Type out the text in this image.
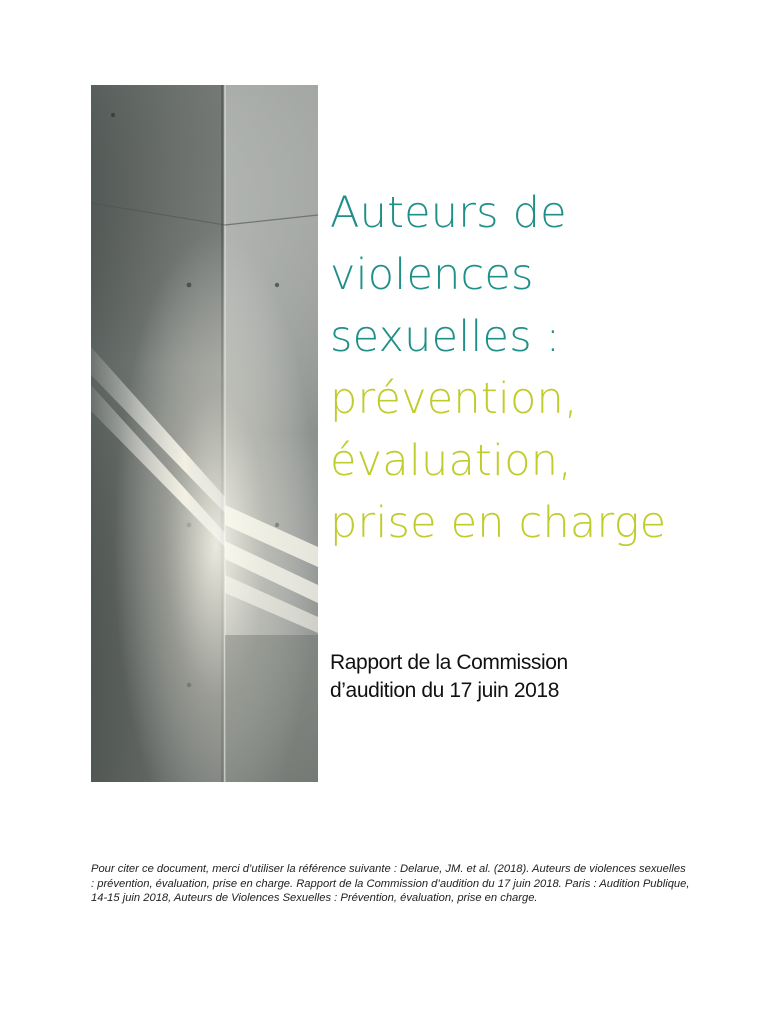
Auteurs de
violences
sexuelles :
prévention,
évaluation,
prise en charge
Rapport de la Commission
d’audition du 17 juin 2018
Pour citer ce document, merci d’utiliser la référence suivante : Delarue, JM. et al. (2018). Auteurs de violences sexuelles : prévention, évaluation, prise en charge. Rapport de la Commission d’audition du 17 juin 2018. Paris : Audition Publique, 14-15 juin 2018, Auteurs de Violences Sexuelles : Prévention, évaluation, prise en charge.
